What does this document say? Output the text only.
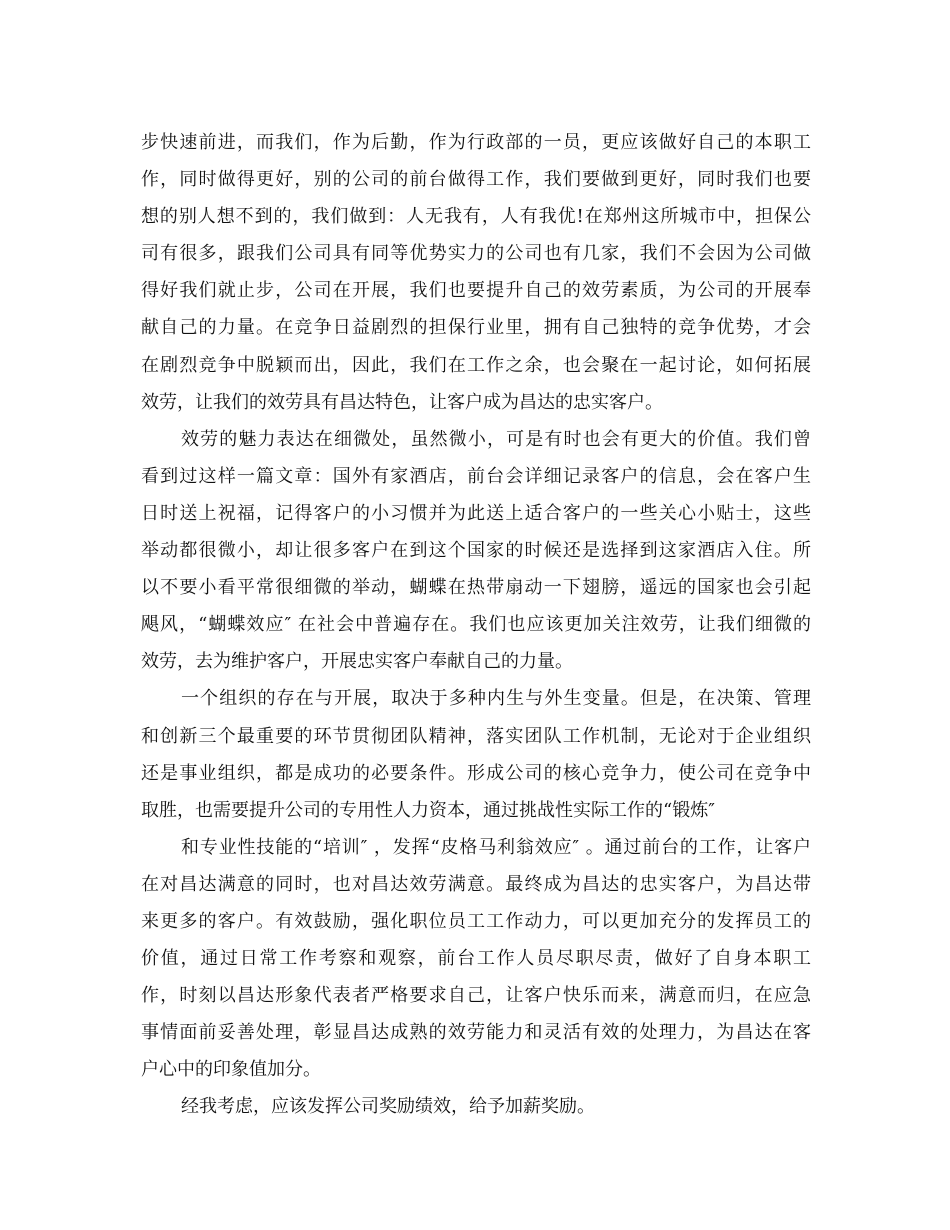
步快速前进，而我们，作为后勤，作为行政部的一员，更应该做好自己的本职工
作，同时做得更好，别的公司的前台做得工作，我们要做到更好，同时我们也要
想的别人想不到的，我们做到：人无我有，人有我优!在郑州这所城市中，担保公
司有很多，跟我们公司具有同等优势实力的公司也有几家，我们不会因为公司做
得好我们就止步，公司在开展，我们也要提升自己的效劳素质，为公司的开展奉
献自己的力量。在竞争日益剧烈的担保行业里，拥有自己独特的竞争优势，才会
在剧烈竞争中脱颖而出，因此，我们在工作之余，也会聚在一起讨论，如何拓展
效劳，让我们的效劳具有昌达特色，让客户成为昌达的忠实客户。
效劳的魅力表达在细微处，虽然微小，可是有时也会有更大的价值。我们曾
看到过这样一篇文章：国外有家酒店，前台会详细记录客户的信息，会在客户生
日时送上祝福，记得客户的小习惯并为此送上适合客户的一些关心小贴士，这些
举动都很微小，却让很多客户在到这个国家的时候还是选择到这家酒店入住。所
以不要小看平常很细微的举动，蝴蝶在热带扇动一下翅膀，遥远的国家也会引起
飓风，“蝴蝶效应″ 在社会中普遍存在。我们也应该更加关注效劳，让我们细微的
效劳，去为维护客户，开展忠实客户奉献自己的力量。
一个组织的存在与开展，取决于多种内生与外生变量。但是，在决策、管理
和创新三个最重要的环节贯彻团队精神，落实团队工作机制，无论对于企业组织
还是事业组织，都是成功的必要条件。形成公司的核心竞争力，使公司在竞争中
取胜，也需要提升公司的专用性人力资本，通过挑战性实际工作的“锻炼″
和专业性技能的“培训″ ，发挥“皮格马利翁效应″ 。通过前台的工作，让客户
在对昌达满意的同时，也对昌达效劳满意。最终成为昌达的忠实客户，为昌达带
来更多的客户。有效鼓励，强化职位员工工作动力，可以更加充分的发挥员工的
价值，通过日常工作考察和观察，前台工作人员尽职尽责，做好了自身本职工
作，时刻以昌达形象代表者严格要求自己，让客户快乐而来，满意而归，在应急
事情面前妥善处理，彰显昌达成熟的效劳能力和灵活有效的处理力，为昌达在客
户心中的印象值加分。
经我考虑，应该发挥公司奖励绩效，给予加薪奖励。
